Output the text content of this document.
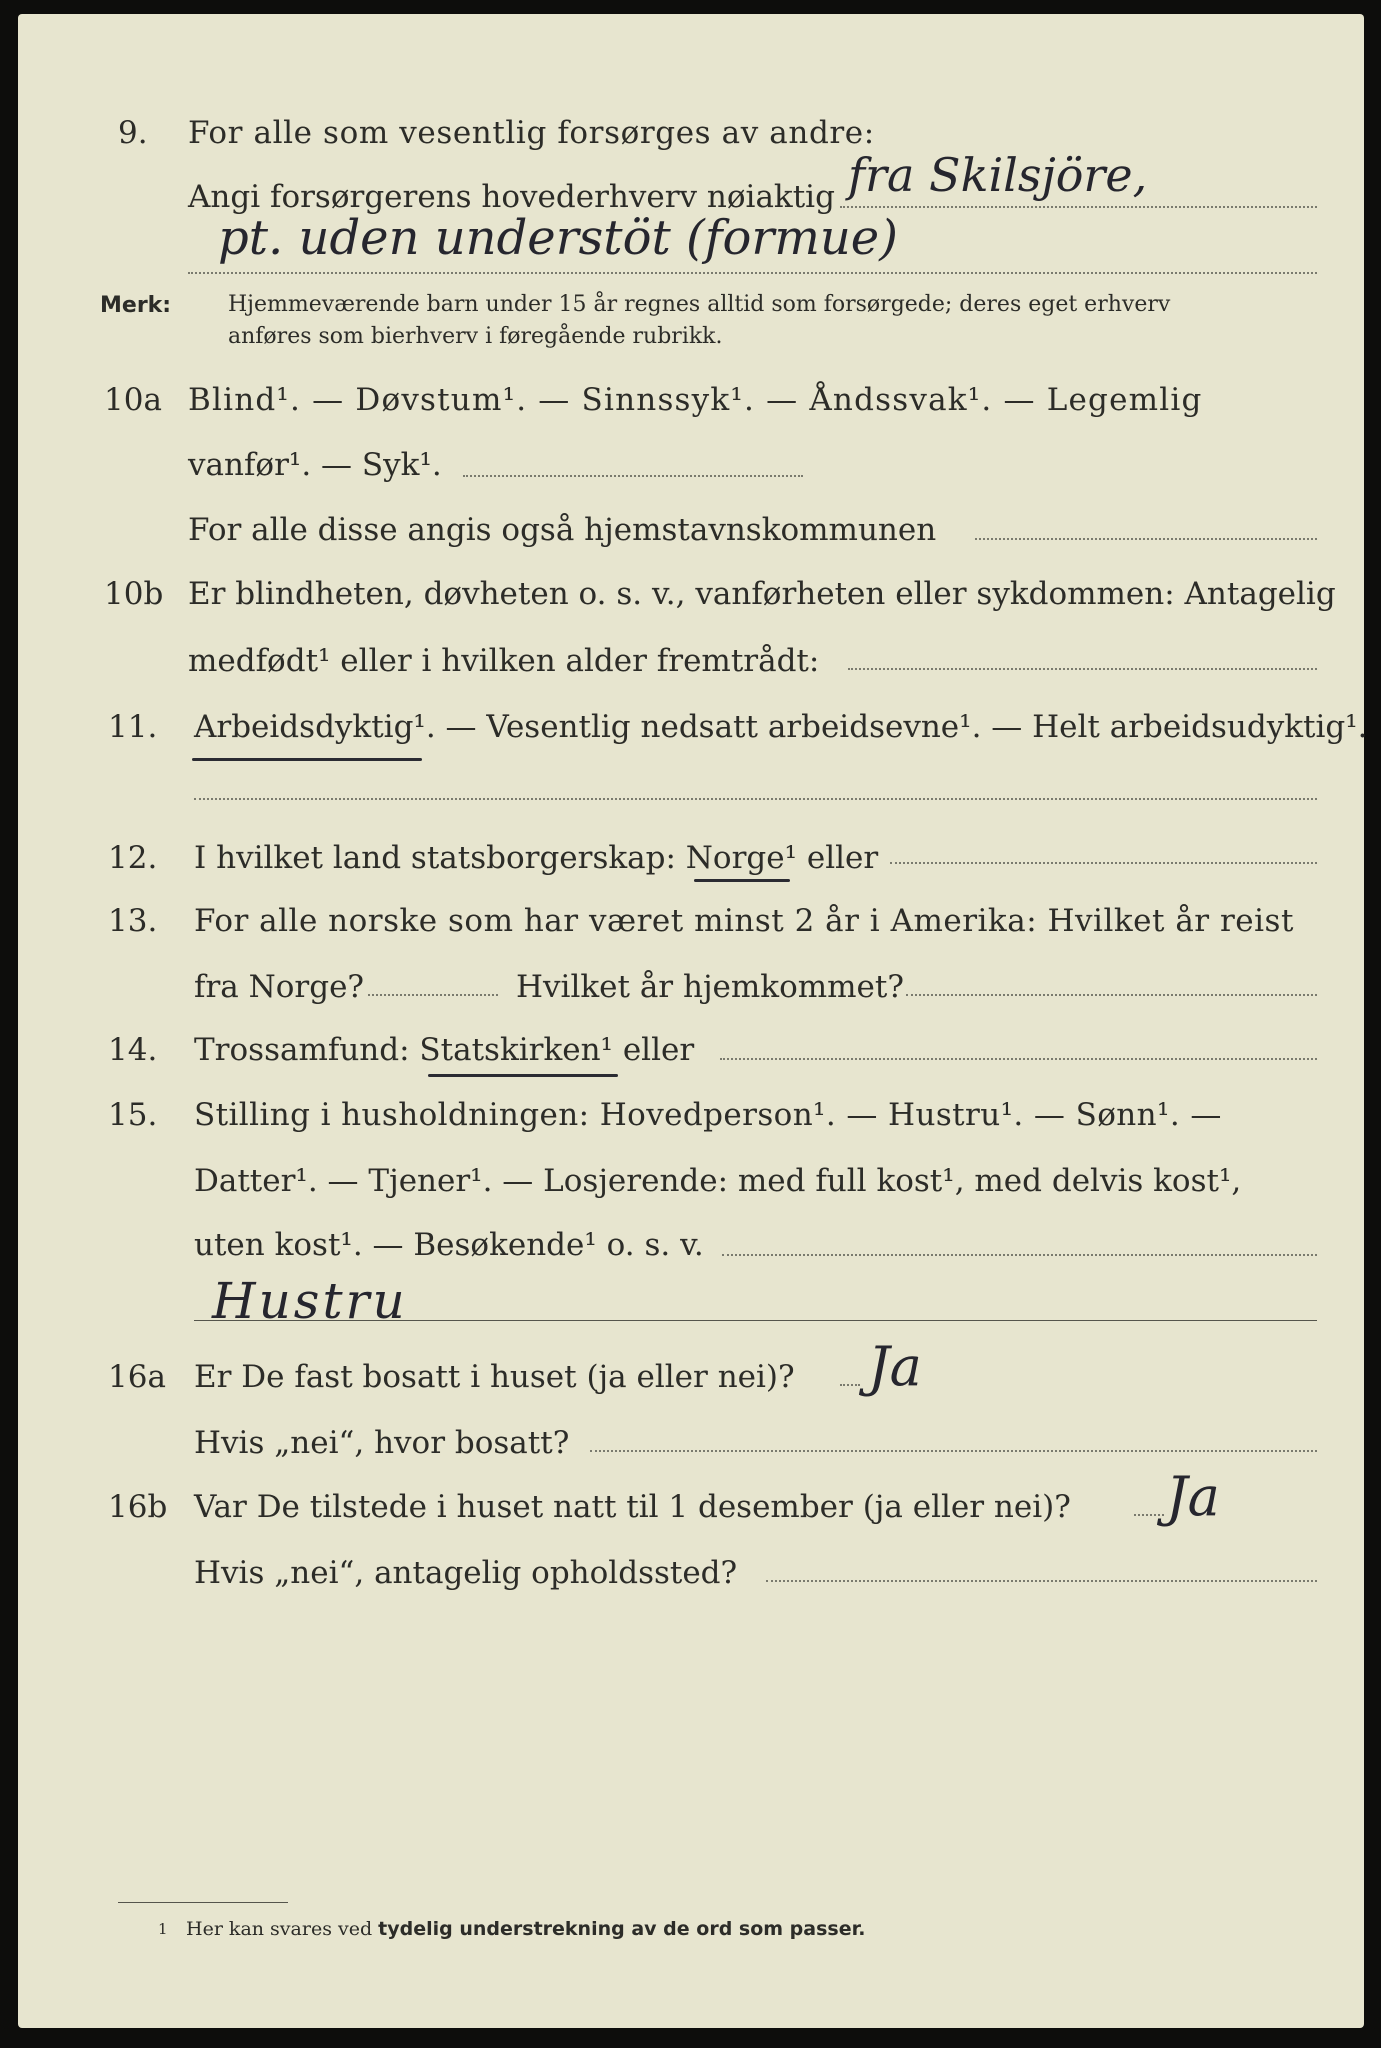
9. For alle som vesentlig forsørges av andre:
Angi forsørgerens hovederhverv nøiaktig fra Skilsjöre,
pt. uden understöt (formue)
Merk:	Hjemmeværende barn under 15 år regnes alltid som forsørgede; deres eget erhverv
anføres som bierhverv i føregående rubrikk.
10a Blind¹. — Døvstum¹. — Sinnssyk¹. — Åndssvak¹. — Legemlig
vanfør¹. — Syk¹.
For alle disse angis også hjemstavnskommunen
10b Er blindheten, døvheten o. s. v., vanførheten eller sykdommen: Antagelig
medfødt¹ eller i hvilken alder fremtrådt:
11. Arbeidsdyktig¹. — Vesentlig nedsatt arbeidsevne¹. — Helt arbeidsudyktig¹.
12. I hvilket land statsborgerskap: Norge¹ eller
13. For alle norske som har været minst 2 år i Amerika: Hvilket år reist
fra Norge?	Hvilket år hjemkommet?
14. Trossamfund: Statskirken¹ eller
15. Stilling i husholdningen: Hovedperson¹. — Hustru¹. — Sønn¹. —
Datter¹. — Tjener¹. — Losjerende: med full kost¹, med delvis kost¹,
uten kost¹. — Besøkende¹ o. s. v.
Hustru
16a Er De fast bosatt i huset (ja eller nei)? Ja
Hvis „nei“, hvor bosatt?
16b Var De tilstede i huset natt til 1 desember (ja eller nei)? Ja
Hvis „nei“, antagelig opholdssted?
1 Her kan svares ved tydelig understrekning av de ord som passer.
